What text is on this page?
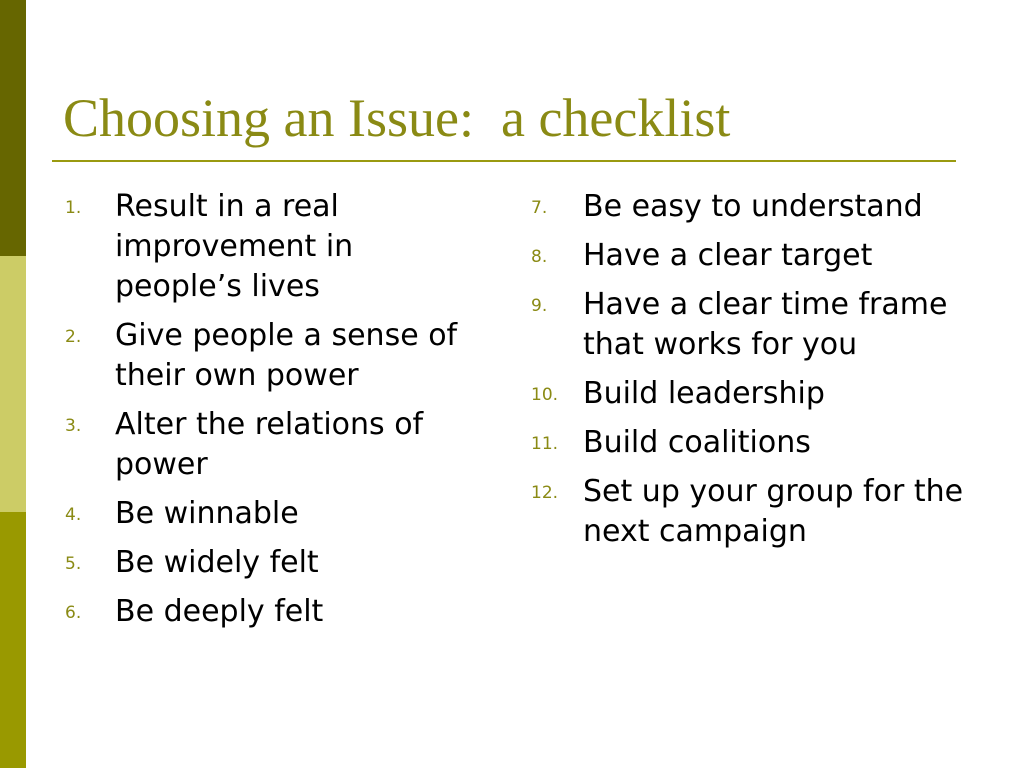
Choosing an Issue:  a checklist
1. Result in a real improvement in people’s lives
2. Give people a sense of their own power
3. Alter the relations of power
4. Be winnable
5. Be widely felt
6. Be deeply felt
7. Be easy to understand
8. Have a clear target
9. Have a clear time frame that works for you
10. Build leadership
11. Build coalitions
12. Set up your group for the next campaign
